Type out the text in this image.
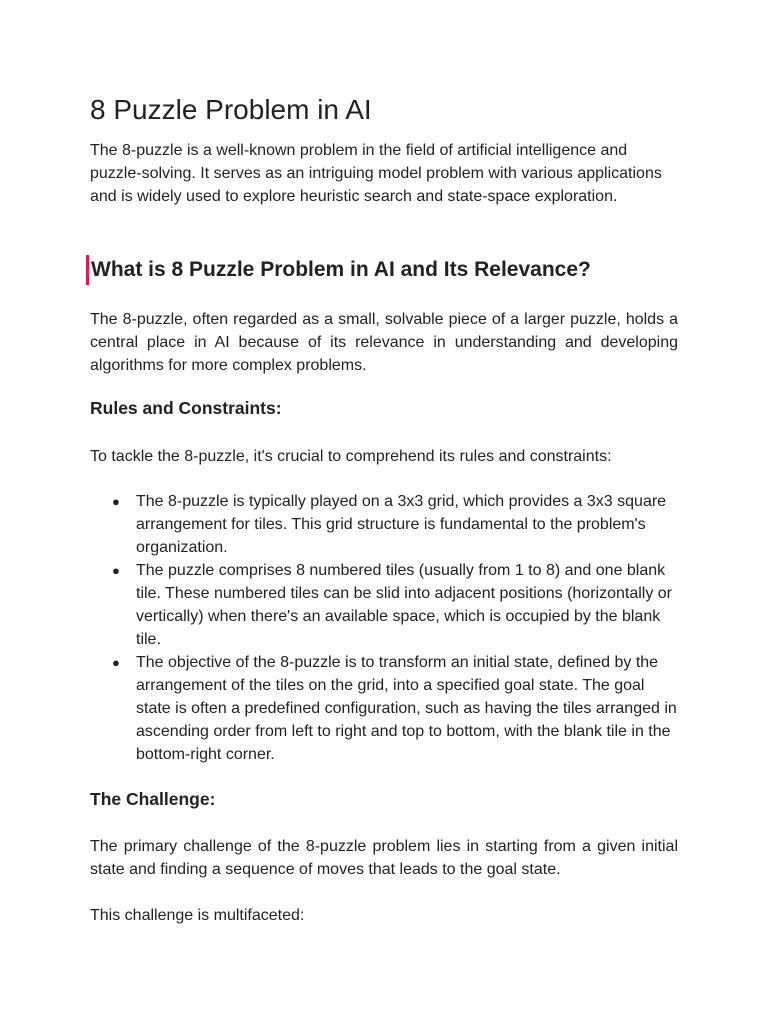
8 Puzzle Problem in AI

The 8-puzzle is a well-known problem in the field of artificial intelligence and puzzle-solving. It serves as an intriguing model problem with various applications and is widely used to explore heuristic search and state-space exploration.

What is 8 Puzzle Problem in AI and Its Relevance?

The 8-puzzle, often regarded as a small, solvable piece of a larger puzzle, holds a central place in AI because of its relevance in understanding and developing algorithms for more complex problems.

Rules and Constraints:

To tackle the 8-puzzle, it's crucial to comprehend its rules and constraints:

● The 8-puzzle is typically played on a 3x3 grid, which provides a 3x3 square arrangement for tiles. This grid structure is fundamental to the problem's organization.
● The puzzle comprises 8 numbered tiles (usually from 1 to 8) and one blank tile. These numbered tiles can be slid into adjacent positions (horizontally or vertically) when there's an available space, which is occupied by the blank tile.
● The objective of the 8-puzzle is to transform an initial state, defined by the arrangement of the tiles on the grid, into a specified goal state. The goal state is often a predefined configuration, such as having the tiles arranged in ascending order from left to right and top to bottom, with the blank tile in the bottom-right corner.
The Challenge:

The primary challenge of the 8-puzzle problem lies in starting from a given initial state and finding a sequence of moves that leads to the goal state.

This challenge is multifaceted:
